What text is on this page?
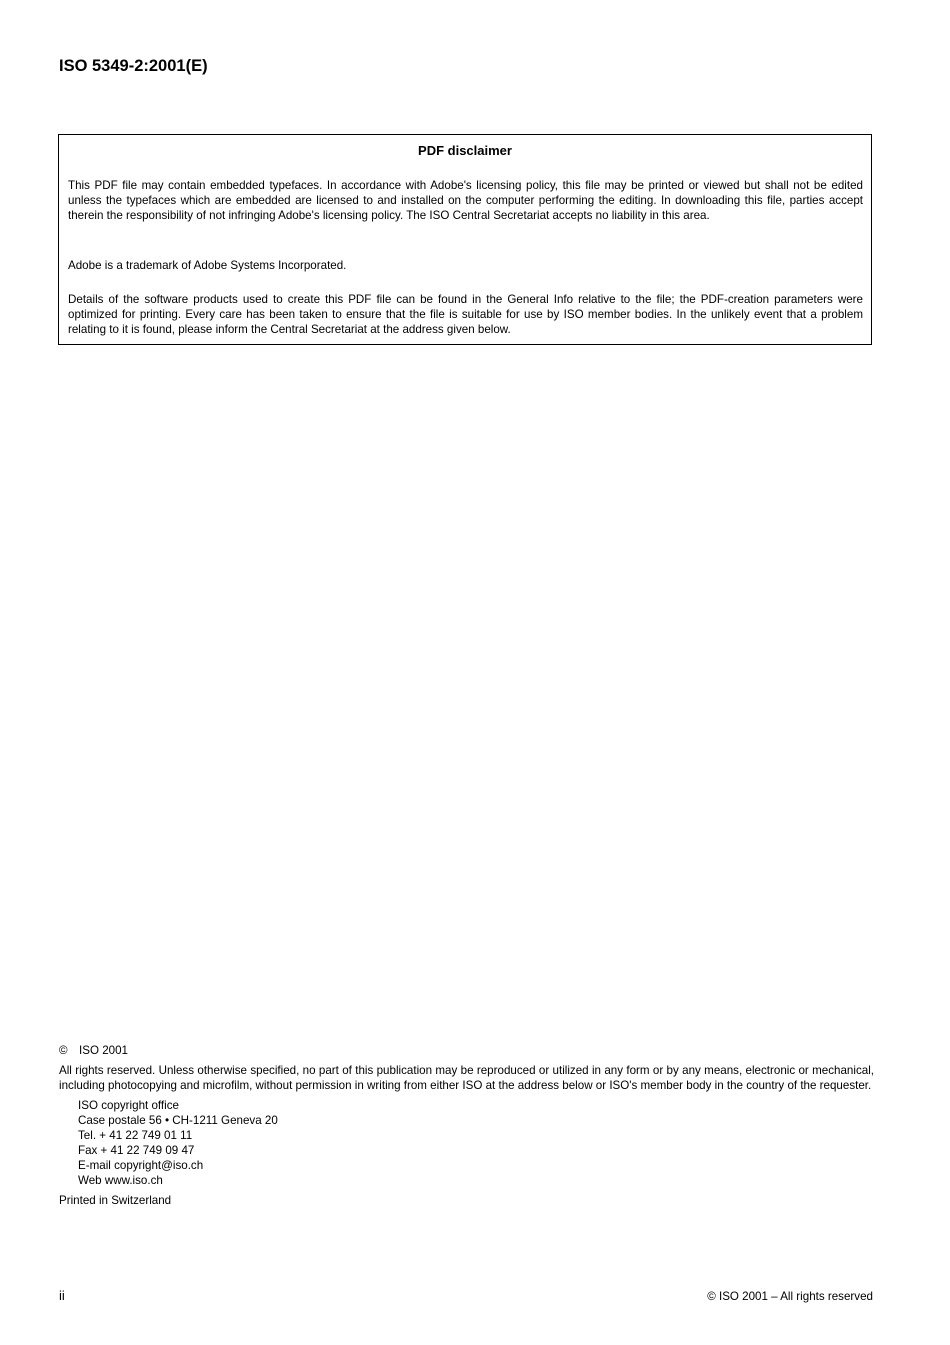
ISO 5349-2:2001(E)

PDF disclaimer

This PDF file may contain embedded typefaces. In accordance with Adobe's licensing policy, this file may be printed or viewed but shall not be edited unless the typefaces which are embedded are licensed to and installed on the computer performing the editing. In downloading this file, parties accept therein the responsibility of not infringing Adobe's licensing policy. The ISO Central Secretariat accepts no liability in this area.

Adobe is a trademark of Adobe Systems Incorporated.

Details of the software products used to create this PDF file can be found in the General Info relative to the file; the PDF-creation parameters were optimized for printing. Every care has been taken to ensure that the file is suitable for use by ISO member bodies. In the unlikely event that a problem relating to it is found, please inform the Central Secretariat at the address given below.

© ISO 2001

All rights reserved. Unless otherwise specified, no part of this publication may be reproduced or utilized in any form or by any means, electronic or mechanical, including photocopying and microfilm, without permission in writing from either ISO at the address below or ISO's member body in the country of the requester.

ISO copyright office
Case postale 56 • CH-1211 Geneva 20
Tel. + 41 22 749 01 11
Fax + 41 22 749 09 47
E-mail copyright@iso.ch
Web www.iso.ch

Printed in Switzerland

ii	© ISO 2001 – All rights reserved
